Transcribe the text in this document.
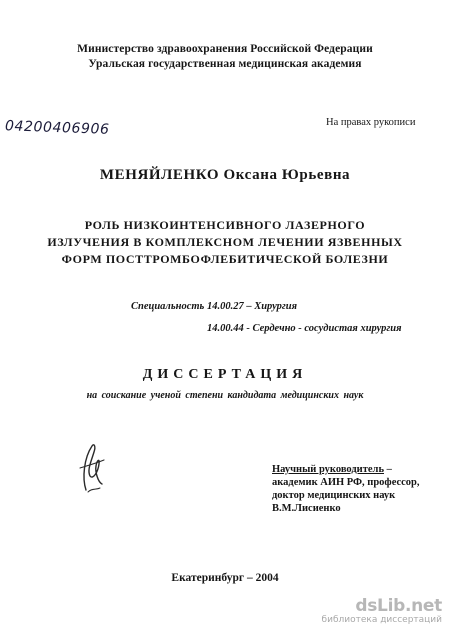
Министерство здравоохранения Российской Федерации
Уральская государственная медицинская академия
04200406906	На правах рукописи
МЕНЯЙЛЕНКО Оксана Юрьевна
РОЛЬ НИЗКОИНТЕНСИВНОГО ЛАЗЕРНОГО
ИЗЛУЧЕНИЯ В КОМПЛЕКСНОМ ЛЕЧЕНИИ ЯЗВЕННЫХ
ФОРМ ПОСТТРОМБОФЛЕБИТИЧЕСКОЙ БОЛЕЗНИ
Специальность 14.00.27 – Хирургия
14.00.44 - Сердечно - сосудистая хирургия
ДИССЕРТАЦИЯ
на соискание ученой степени кандидата медицинских наук
Научный руководитель –
академик АИН РФ, профессор,
доктор медицинских наук
В.М.Лисиенко
Екатеринбург – 2004
dsLib.net
библиотека диссертаций
